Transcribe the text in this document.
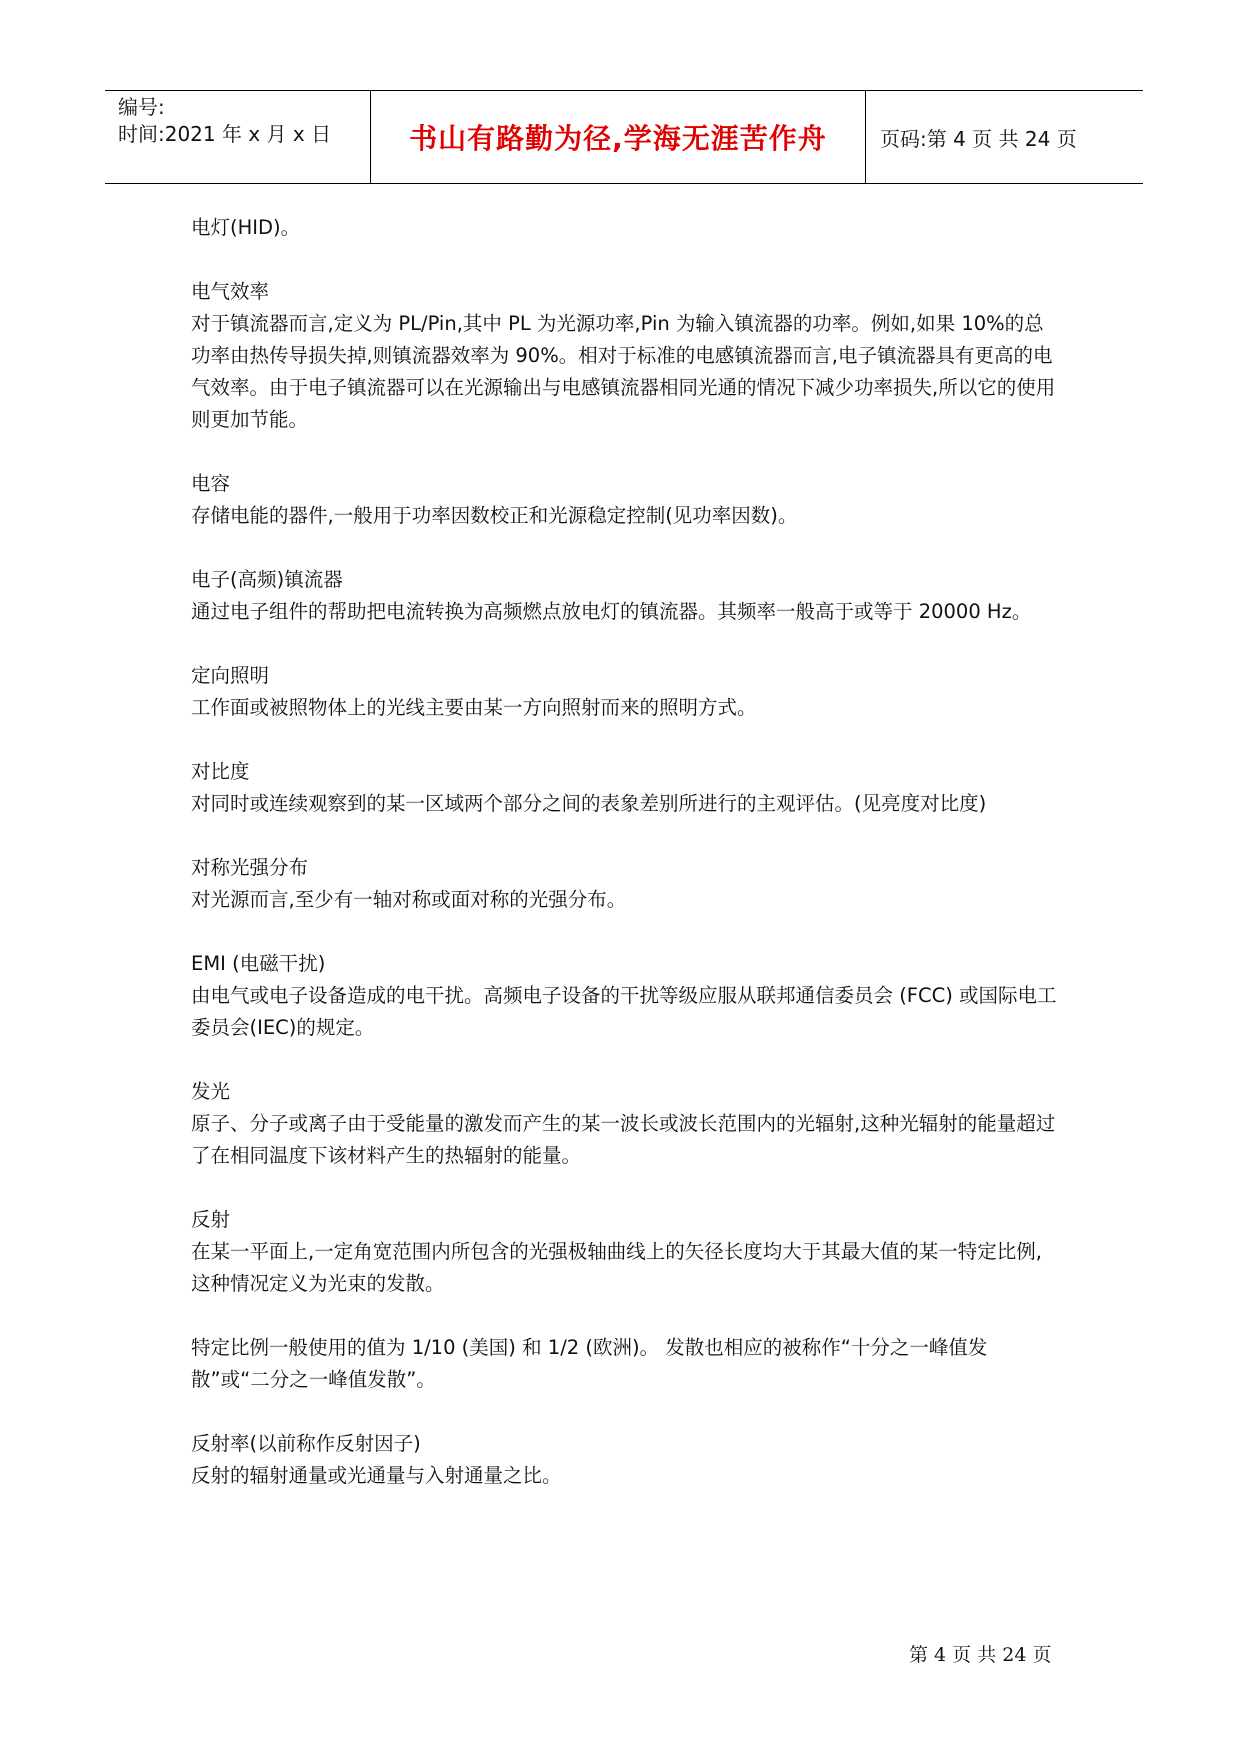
编号:
时间:2021 年 x 月 x 日	书山有路勤为径,学海无涯苦作舟	页码:第 4 页 共 24 页

电灯(HID)。

电气效率
对于镇流器而言,定义为 PL/Pin,其中 PL 为光源功率,Pin 为输入镇流器的功率。例如,如果 10%的总功率由热传导损失掉,则镇流器效率为 90%。相对于标准的电感镇流器而言,电子镇流器具有更高的电气效率。由于电子镇流器可以在光源输出与电感镇流器相同光通的情况下减少功率损失,所以它的使用则更加节能。

电容
存储电能的器件,一般用于功率因数校正和光源稳定控制(见功率因数)。

电子(高频)镇流器
通过电子组件的帮助把电流转换为高频燃点放电灯的镇流器。其频率一般高于或等于 20000 Hz。

定向照明
工作面或被照物体上的光线主要由某一方向照射而来的照明方式。

对比度
对同时或连续观察到的某一区域两个部分之间的表象差别所进行的主观评估。(见亮度对比度)

对称光强分布
对光源而言,至少有一轴对称或面对称的光强分布。

EMI (电磁干扰)
由电气或电子设备造成的电干扰。高频电子设备的干扰等级应服从联邦通信委员会 (FCC) 或国际电工委员会(IEC)的规定。

发光
原子、分子或离子由于受能量的激发而产生的某一波长或波长范围内的光辐射,这种光辐射的能量超过了在相同温度下该材料产生的热辐射的能量。

反射
在某一平面上,一定角宽范围内所包含的光强极轴曲线上的矢径长度均大于其最大值的某一特定比例,这种情况定义为光束的发散。

特定比例一般使用的值为 1/10 (美国) 和 1/2 (欧洲)。 发散也相应的被称作“十分之一峰值发散”或“二分之一峰值发散”。

反射率(以前称作反射因子)
反射的辐射通量或光通量与入射通量之比。

第 4 页 共 24 页
